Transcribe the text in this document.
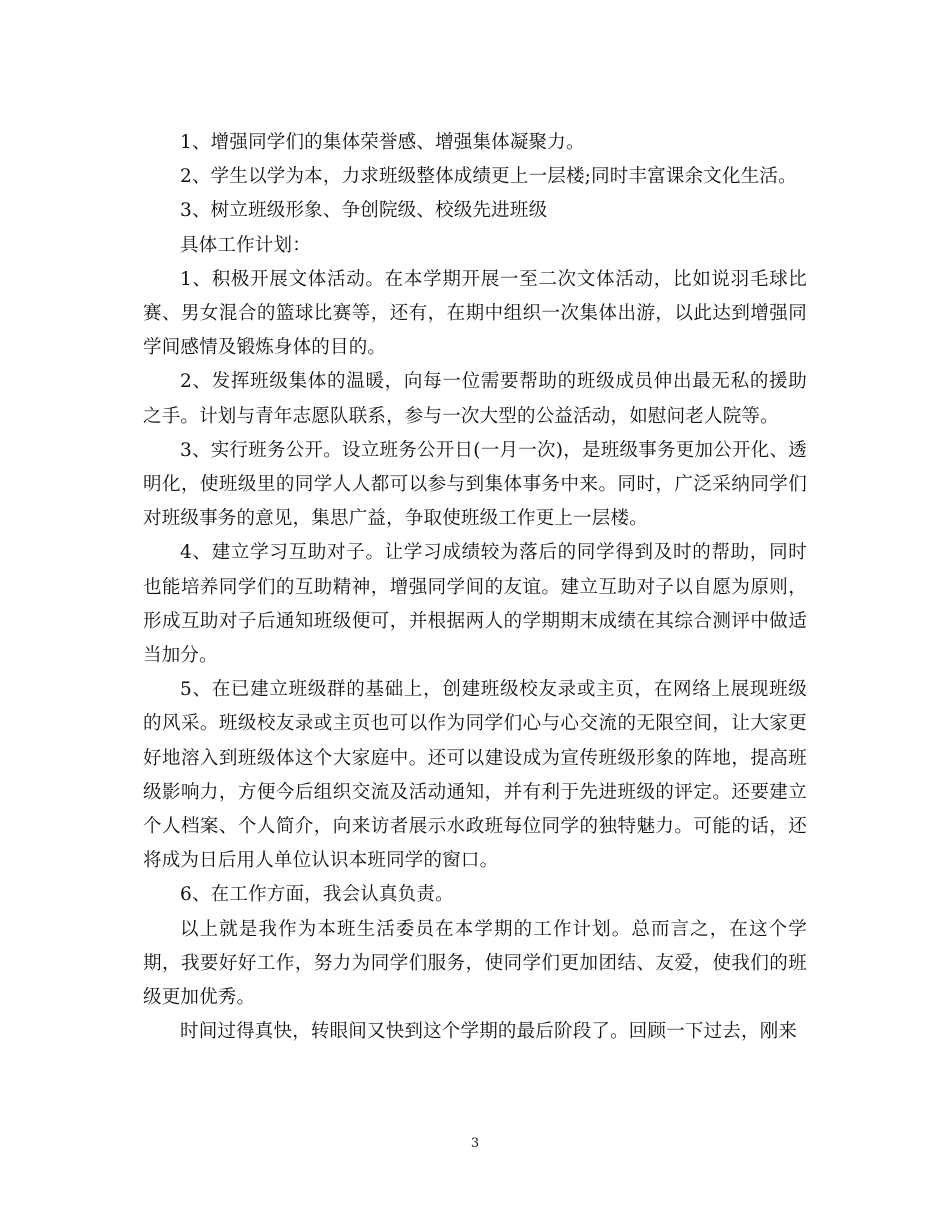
1、增强同学们的集体荣誉感、增强集体凝聚力。

2、学生以学为本，力求班级整体成绩更上一层楼;同时丰富课余文化生活。

3、树立班级形象、争创院级、校级先进班级

具体工作计划：

1、积极开展文体活动。在本学期开展一至二次文体活动，比如说羽毛球比赛、男女混合的篮球比赛等，还有，在期中组织一次集体出游，以此达到增强同学间感情及锻炼身体的目的。

2、发挥班级集体的温暖，向每一位需要帮助的班级成员伸出最无私的援助之手。计划与青年志愿队联系，参与一次大型的公益活动，如慰问老人院等。

3、实行班务公开。设立班务公开日(一月一次)，是班级事务更加公开化、透明化，使班级里的同学人人都可以参与到集体事务中来。同时，广泛采纳同学们对班级事务的意见，集思广益，争取使班级工作更上一层楼。

4、建立学习互助对子。让学习成绩较为落后的同学得到及时的帮助，同时也能培养同学们的互助精神，增强同学间的友谊。建立互助对子以自愿为原则，形成互助对子后通知班级便可，并根据两人的学期期末成绩在其综合测评中做适当加分。

5、在已建立班级群的基础上，创建班级校友录或主页，在网络上展现班级的风采。班级校友录或主页也可以作为同学们心与心交流的无限空间，让大家更好地溶入到班级体这个大家庭中。还可以建设成为宣传班级形象的阵地，提高班级影响力，方便今后组织交流及活动通知，并有利于先进班级的评定。还要建立个人档案、个人简介，向来访者展示水政班每位同学的独特魅力。可能的话，还将成为日后用人单位认识本班同学的窗口。

6、在工作方面，我会认真负责。

以上就是我作为本班生活委员在本学期的工作计划。总而言之，在这个学期，我要好好工作，努力为同学们服务，使同学们更加团结、友爱，使我们的班级更加优秀。

时间过得真快，转眼间又快到这个学期的最后阶段了。回顾一下过去，刚来

3
